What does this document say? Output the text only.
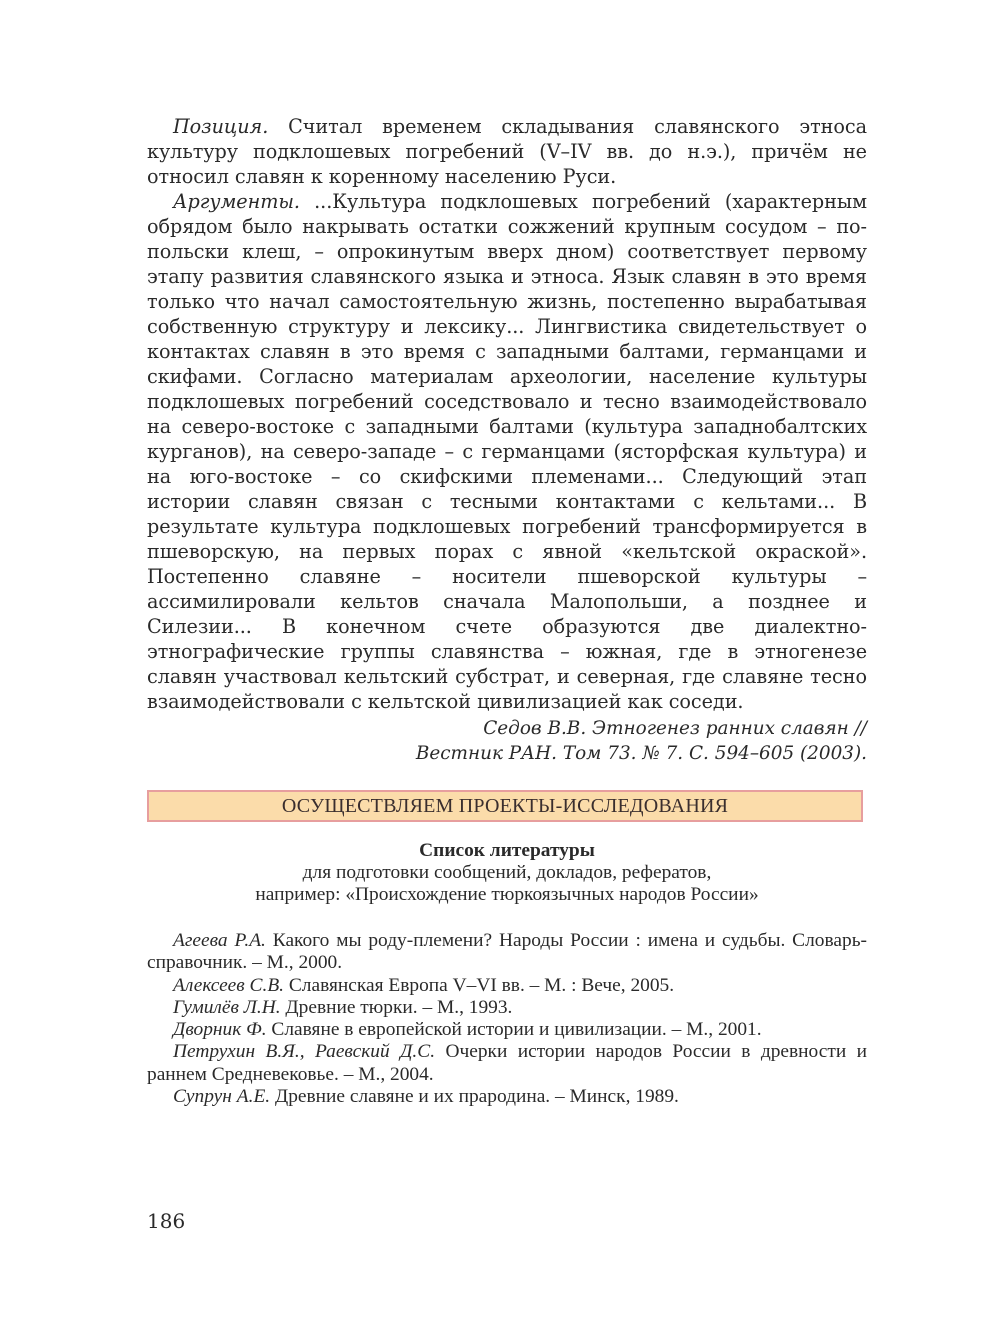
Позиция. Считал временем складывания славянского этноса культуру подклошевых погребений (V–IV вв. до н.э.), причём не относил славян к коренному населению Руси.

Аргументы. ...Культура подклошевых погребений (характерным обрядом было накрывать остатки сожжений крупным сосудом – по-польски клеш, – опрокинутым вверх дном) соответствует первому этапу развития славянского языка и этноса. Язык славян в это время только что начал самостоятельную жизнь, постепенно вырабатывая собственную структуру и лексику... Лингвистика свидетельствует о контактах славян в это время с западными балтами, германцами и скифами. Согласно материалам археологии, население культуры подклошевых погребений соседствовало и тесно взаимодействовало на северо-востоке с западными балтами (культура западнобалтских курганов), на северо-западе – с германцами (ясторфская культура) и на юго-востоке – со скифскими племенами... Следующий этап истории славян связан с тесными контактами с кельтами... В результате культура подклошевых погребений трансформируется в пшеворскую, на первых порах с явной «кельтской окраской». Постепенно славяне – носители пшеворской культуры – ассимилировали кельтов сначала Малопольши, а позднее и Силезии... В конечном счете образуются две диалектно-этнографические группы славянства – южная, где в этногенезе славян участвовал кельтский субстрат, и северная, где славяне тесно взаимодействовали с кельтской цивилизацией как соседи.

Седов В.В. Этногенез ранних славян //
Вестник РАН. Том 73. № 7. С. 594–605 (2003).
ОСУЩЕСТВЛЯЕМ ПРОЕКТЫ-ИССЛЕДОВАНИЯ
Список литературы
для подготовки сообщений, докладов, рефератов,
например: «Происхождение тюркоязычных народов России»

Агеева Р.А. Какого мы роду-племени? Народы России : имена и судьбы. Словарь-справочник. – М., 2000.

Алексеев С.В. Славянская Европа V–VI вв. – М. : Вече, 2005.

Гумилёв Л.Н. Древние тюрки. – М., 1993.

Дворник Ф. Славяне в европейской истории и цивилизации. – М., 2001.

Петрухин В.Я., Раевский Д.С. Очерки истории народов России в древности и раннем Средневековье. – М., 2004.

Супрун А.Е. Древние славяне и их прародина. – Минск, 1989.

186
